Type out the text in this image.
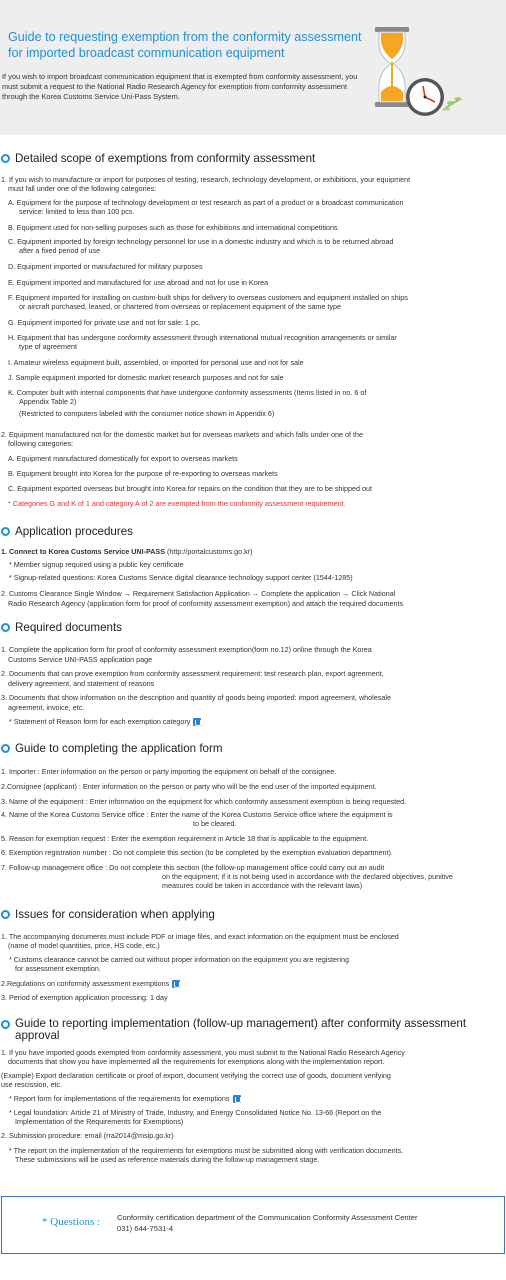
Guide to requesting exemption from the conformity assessment for imported broadcast communication equipment
If you wish to import broadcast communication equipment that is exempted from conformity assessment, you must submit a request to the National Radio Research Agency for exemption from conformity assessment through the Korea Customs Service Uni-Pass System.
Detailed scope of exemptions from conformity assessment
1. If you wish to manufacture or import for purposes of testing, research, technology development, or exhibitions, your equipment
must fall under one of the following categories:
A. Equipment for the purpose of technology development or test research as part of a product or a broadcast communication
service: limited to less than 100 pcs.
B. Equipment used for non-selling purposes such as those for exhibitions and international competitions
C. Equipment imported by foreign technology personnel for use in a domestic industry and which is to be returned abroad
after a fixed period of use
D. Equipment imported or manufactured for military purposes
E. Equipment imported and manufactured for use abroad and not for use in Korea
F. Equipment imported for installing on custom-built ships for delivery to overseas customers and equipment installed on ships
or aircraft purchased, leased, or chartered from overseas or replacement equipment of the same type
G. Equipment imported for private use and not for sale: 1 pc.
H. Equipment that has undergone conformity assessment through international mutual recognition arrangements or similar
type of agreement
I. Amateur wireless equipment built, assembled, or imported for personal use and not for sale
J. Sample equipment imported for domestic market research purposes and not for sale
K. Computer built with internal components that have undergone conformity assessments (Items listed in no. 6 of
Appendix Table 2)
(Restricted to computers labeled with the consumer notice shown in Appendix 6)
2. Equipment manufactured not for the domestic market but for overseas markets and which falls under one of the
following categories:
A. Equipment manufactured domestically for export to overseas markets
B. Equipment brought into Korea for the purpose of re-exporting to overseas markets
C. Equipment exported overseas but brought into Korea for repairs on the condition that they are to be shipped out
* Categories G and K of 1 and category A of 2 are exempted from the conformity assessment requirement.
Application procedures
1. Connect to Korea Customs Service UNI-PASS (http://portalcustoms.go.kr)
* Member signup required using a public key certificate
* Signup-related questions: Korea Customs Service digital clearance technology support center (1544-1285)
2. Customs Clearance Single Window → Requirement Satisfaction Application → Complete the application → Click National
Radio Research Agency (application form for proof of conformity assessment exemption) and attach the required documents
Required documents
1. Complete the application form for proof of conformity assessment exemption(form no.12) online through the Korea
Customs Service UNI-PASS application page
2. Documents that can prove exemption from conformity assessment requirement: test research plan, export agreement,
delivery agreement, and statement of reasons
3. Documents that show information on the description and quantity of goods being imported: import agreement, wholesale
agreement, invoice, etc.
* Statement of Reason form for each exemption category
Guide to completing the application form
1. Importer : Enter information on the person or party importing the equipment on behalf of the consignee.
2.Consignee (applicant) : Enter information on the person or party who will be the end user of the imported equipment.
3. Name of the equipment : Enter information on the equipment for which conformity assessment exemption is being requested.
4. Name of the Korea Customs Service office : Enter the name of the Korea Customs Service office where the equipment is
to be cleared.
5. Reason for exemption request : Enter the exemption requirement in Article 18 that is applicable to the equipment.
6. Exemption registration number : Do not complete this section (to be completed by the exemption evaluation department).
7. Follow-up management office : Do not complete this section (the follow-up management office could carry out an audit
on the equipment; if it is not being used in accordance with the declared objectives, punitive
measures could be taken in accordance with the relevant laws)
Issues for consideration when applying
1. The accompanying documents must include PDF or image files, and exact information on the equipment must be enclosed
(name of model quantities, price, HS code, etc.)
* Customs clearance cannot be carried out without proper information on the equipment you are registering
for assessment exemption.
2.Regulations on conformity assessment exemptions
3. Period of exemption application processing: 1 day
Guide to reporting implementation (follow-up management) after conformity assessment approval
1. If you have imported goods exempted from conformity assessment, you must submit to the National Radio Research Agency
documents that show you have implemented all the requirements for exemptions along with the implementation report.
(Example) Export declaration certificate or proof of export, document verifying the correct use of goods, document verifying
use rescission, etc.
* Report form for implementations of the requirements for exemptions
* Legal foundation: Article 21 of Ministry of Trade, Industry, and Energy Consolidated Notice No. 13-66 (Report on the
Implementation of the Requirements for Exemptions)
2. Submission procedure: email (rra2014@msip.go.kr)
* The report on the implementation of the requirements for exemptions must be submitted along with verification documents.
These submissions will be used as reference materials during the follow-up management stage.
* Questions : Conformity certification department of the Communication Conformity Assessment Center
031) 644-7531-4
